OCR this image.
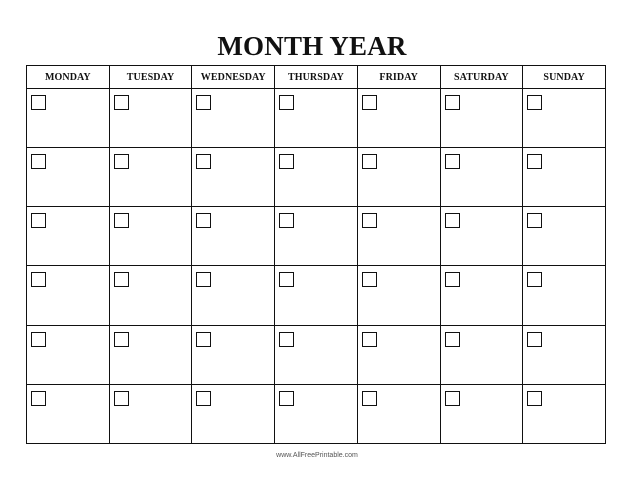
MONTH YEAR
MONDAY	TUESDAY	WEDNESDAY	THURSDAY	FRIDAY	SATURDAY	SUNDAY

www.AllFreePrintable.com
